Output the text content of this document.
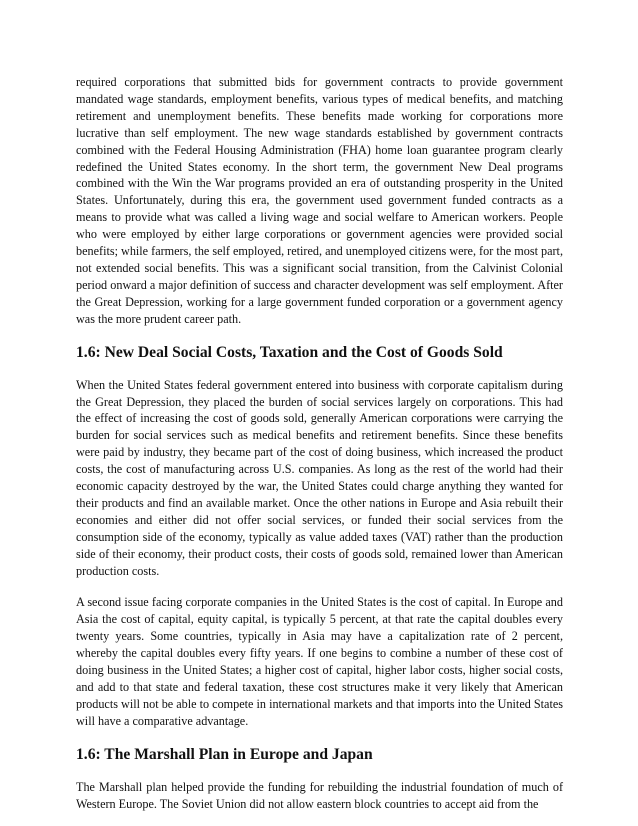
required corporations that submitted bids for government contracts to provide government mandated wage standards, employment benefits, various types of medical benefits, and matching retirement and unemployment benefits. These benefits made working for corporations more lucrative than self employment. The new wage standards established by government contracts combined with the Federal Housing Administration (FHA) home loan guarantee program clearly redefined the United States economy. In the short term, the government New Deal programs combined with the Win the War programs provided an era of outstanding prosperity in the United States. Unfortunately, during this era, the government used government funded contracts as a means to provide what was called a living wage and social welfare to American workers. People who were employed by either large corporations or government agencies were provided social benefits; while farmers, the self employed, retired, and unemployed citizens were, for the most part, not extended social benefits. This was a significant social transition, from the Calvinist Colonial period onward a major definition of success and character development was self employment. After the Great Depression, working for a large government funded corporation or a government agency was the more prudent career path.

1.6: New Deal Social Costs, Taxation and the Cost of Goods Sold

When the United States federal government entered into business with corporate capitalism during the Great Depression, they placed the burden of social services largely on corporations. This had the effect of increasing the cost of goods sold, generally American corporations were carrying the burden for social services such as medical benefits and retirement benefits. Since these benefits were paid by industry, they became part of the cost of doing business, which increased the product costs, the cost of manufacturing across U.S. companies. As long as the rest of the world had their economic capacity destroyed by the war, the United States could charge anything they wanted for their products and find an available market. Once the other nations in Europe and Asia rebuilt their economies and either did not offer social services, or funded their social services from the consumption side of the economy, typically as value added taxes (VAT) rather than the production side of their economy, their product costs, their costs of goods sold, remained lower than American production costs.

A second issue facing corporate companies in the United States is the cost of capital. In Europe and Asia the cost of capital, equity capital, is typically 5 percent, at that rate the capital doubles every twenty years. Some countries, typically in Asia may have a capitalization rate of 2 percent, whereby the capital doubles every fifty years. If one begins to combine a number of these cost of doing business in the United States; a higher cost of capital, higher labor costs, higher social costs, and add to that state and federal taxation, these cost structures make it very likely that American products will not be able to compete in international markets and that imports into the United States will have a comparative advantage.

1.6: The Marshall Plan in Europe and Japan

The Marshall plan helped provide the funding for rebuilding the industrial foundation of much of Western Europe. The Soviet Union did not allow eastern block countries to accept aid from the
